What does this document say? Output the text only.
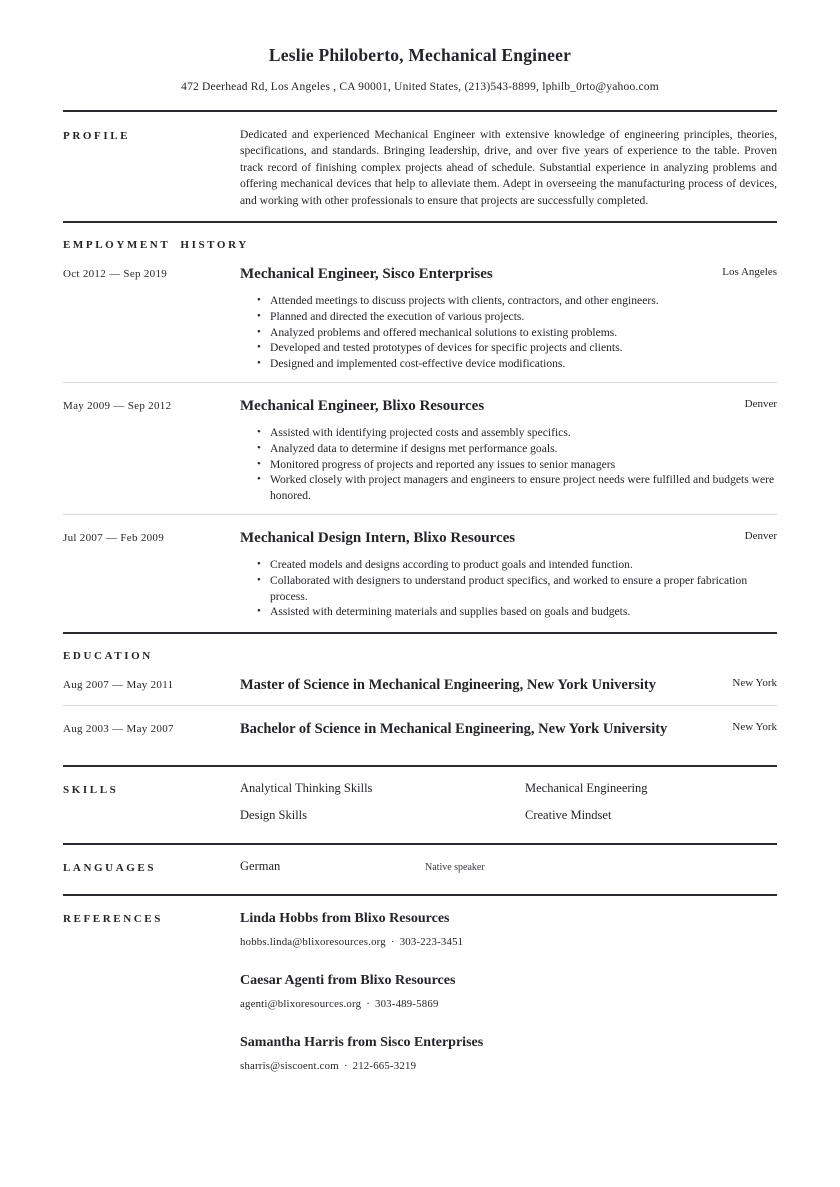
Leslie Philoberto, Mechanical Engineer
472 Deerhead Rd, Los Angeles , CA 90001, United States, (213)543-8899, lphilb_0rto@yahoo.com
PROFILE	Dedicated and experienced Mechanical Engineer with extensive knowledge of engineering principles, theories, specifications, and standards. Bringing leadership, drive, and over five years of experience to the table. Proven track record of finishing complex projects ahead of schedule. Substantial experience in analyzing problems and offering mechanical devices that help to alleviate them. Adept in overseeing the manufacturing process of devices, and working with other professionals to ensure that projects are successfully completed.

EMPLOYMENT HISTORY
Oct 2012 — Sep 2019	Mechanical Engineer, Sisco Enterprises	Los Angeles
• Attended meetings to discuss projects with clients, contractors, and other engineers.
• Planned and directed the execution of various projects.
• Analyzed problems and offered mechanical solutions to existing problems.
• Developed and tested prototypes of devices for specific projects and clients.
• Designed and implemented cost-effective device modifications.
May 2009 — Sep 2012	Mechanical Engineer, Blixo Resources	Denver
• Assisted with identifying projected costs and assembly specifics.
• Analyzed data to determine if designs met performance goals.
• Monitored progress of projects and reported any issues to senior managers
• Worked closely with project managers and engineers to ensure project needs were fulfilled and budgets were honored.
Jul 2007 — Feb 2009	Mechanical Design Intern, Blixo Resources	Denver
• Created models and designs according to product goals and intended function.
• Collaborated with designers to understand product specifics, and worked to ensure a proper fabrication process.
• Assisted with determining materials and supplies based on goals and budgets.
EDUCATION
Aug 2007 — May 2011	Master of Science in Mechanical Engineering, New York University	New York
Aug 2003 — May 2007	Bachelor of Science in Mechanical Engineering, New York University	New York
SKILLS	Analytical Thinking Skills	Mechanical Engineering
Design Skills	Creative Mindset
LANGUAGES	German	Native speaker
REFERENCES	Linda Hobbs from Blixo Resources
hobbs.linda@blixoresources.org · 303-223-3451
Caesar Agenti from Blixo Resources
agenti@blixoresources.org · 303-489-5869
Samantha Harris from Sisco Enterprises
sharris@siscoent.com · 212-665-3219
